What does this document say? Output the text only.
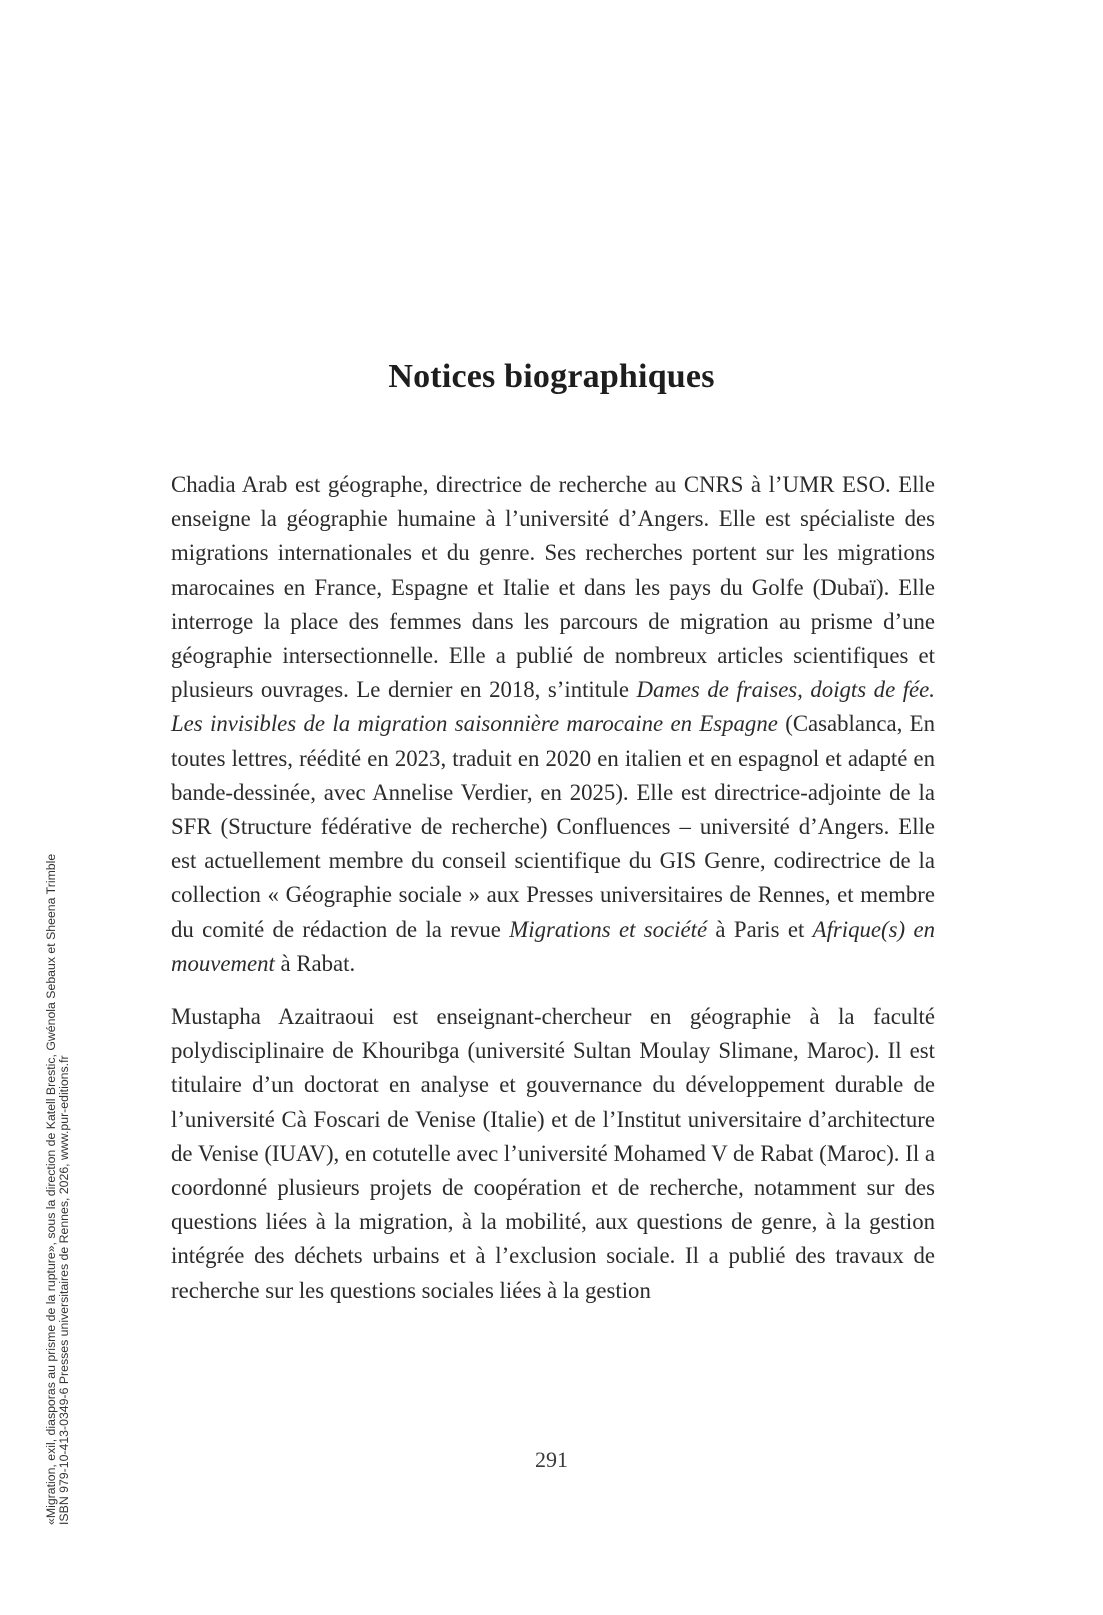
Notices biographiques

Chadia Arab est géographe, directrice de recherche au CNRS à l’UMR ESO. Elle enseigne la géographie humaine à l’université d’Angers. Elle est spécialiste des migrations internationales et du genre. Ses recherches portent sur les migrations marocaines en France, Espagne et Italie et dans les pays du Golfe (Dubaï). Elle interroge la place des femmes dans les parcours de migration au prisme d’une géographie intersectionnelle. Elle a publié de nombreux articles scientifiques et plusieurs ouvrages. Le dernier en 2018, s’intitule Dames de fraises, doigts de fée. Les invisibles de la migration saisonnière marocaine en Espagne (Casablanca, En toutes lettres, réédité en 2023, traduit en 2020 en italien et en espagnol et adapté en bande-dessinée, avec Annelise Verdier, en 2025). Elle est directrice-adjointe de la SFR (Structure fédérative de recherche) Confluences – université d’Angers. Elle est actuellement membre du conseil scientifique du GIS Genre, codirectrice de la collection « Géographie sociale » aux Presses universitaires de Rennes, et membre du comité de rédaction de la revue Migrations et société à Paris et Afrique(s) en mouvement à Rabat.

Mustapha Azaitraoui est enseignant-chercheur en géographie à la faculté polydisciplinaire de Khouribga (université Sultan Moulay Slimane, Maroc). Il est titulaire d’un doctorat en analyse et gouvernance du développement durable de l’université Cà Foscari de Venise (Italie) et de l’Institut universitaire d’architecture de Venise (IUAV), en cotutelle avec l’université Mohamed V de Rabat (Maroc). Il a coordonné plusieurs projets de coopération et de recherche, notamment sur des questions liées à la migration, à la mobilité, aux questions de genre, à la gestion intégrée des déchets urbains et à l’exclusion sociale. Il a publié des travaux de recherche sur les questions sociales liées à la gestion

291
«Migration, exil, diasporas au prisme de la rupture», sous la direction de Katell Brestic, Gwénola Sebaux et Sheena Trimble ISBN 979-10-413-0349-6 Presses universitaires de Rennes, 2026, www.pur-editions.fr
